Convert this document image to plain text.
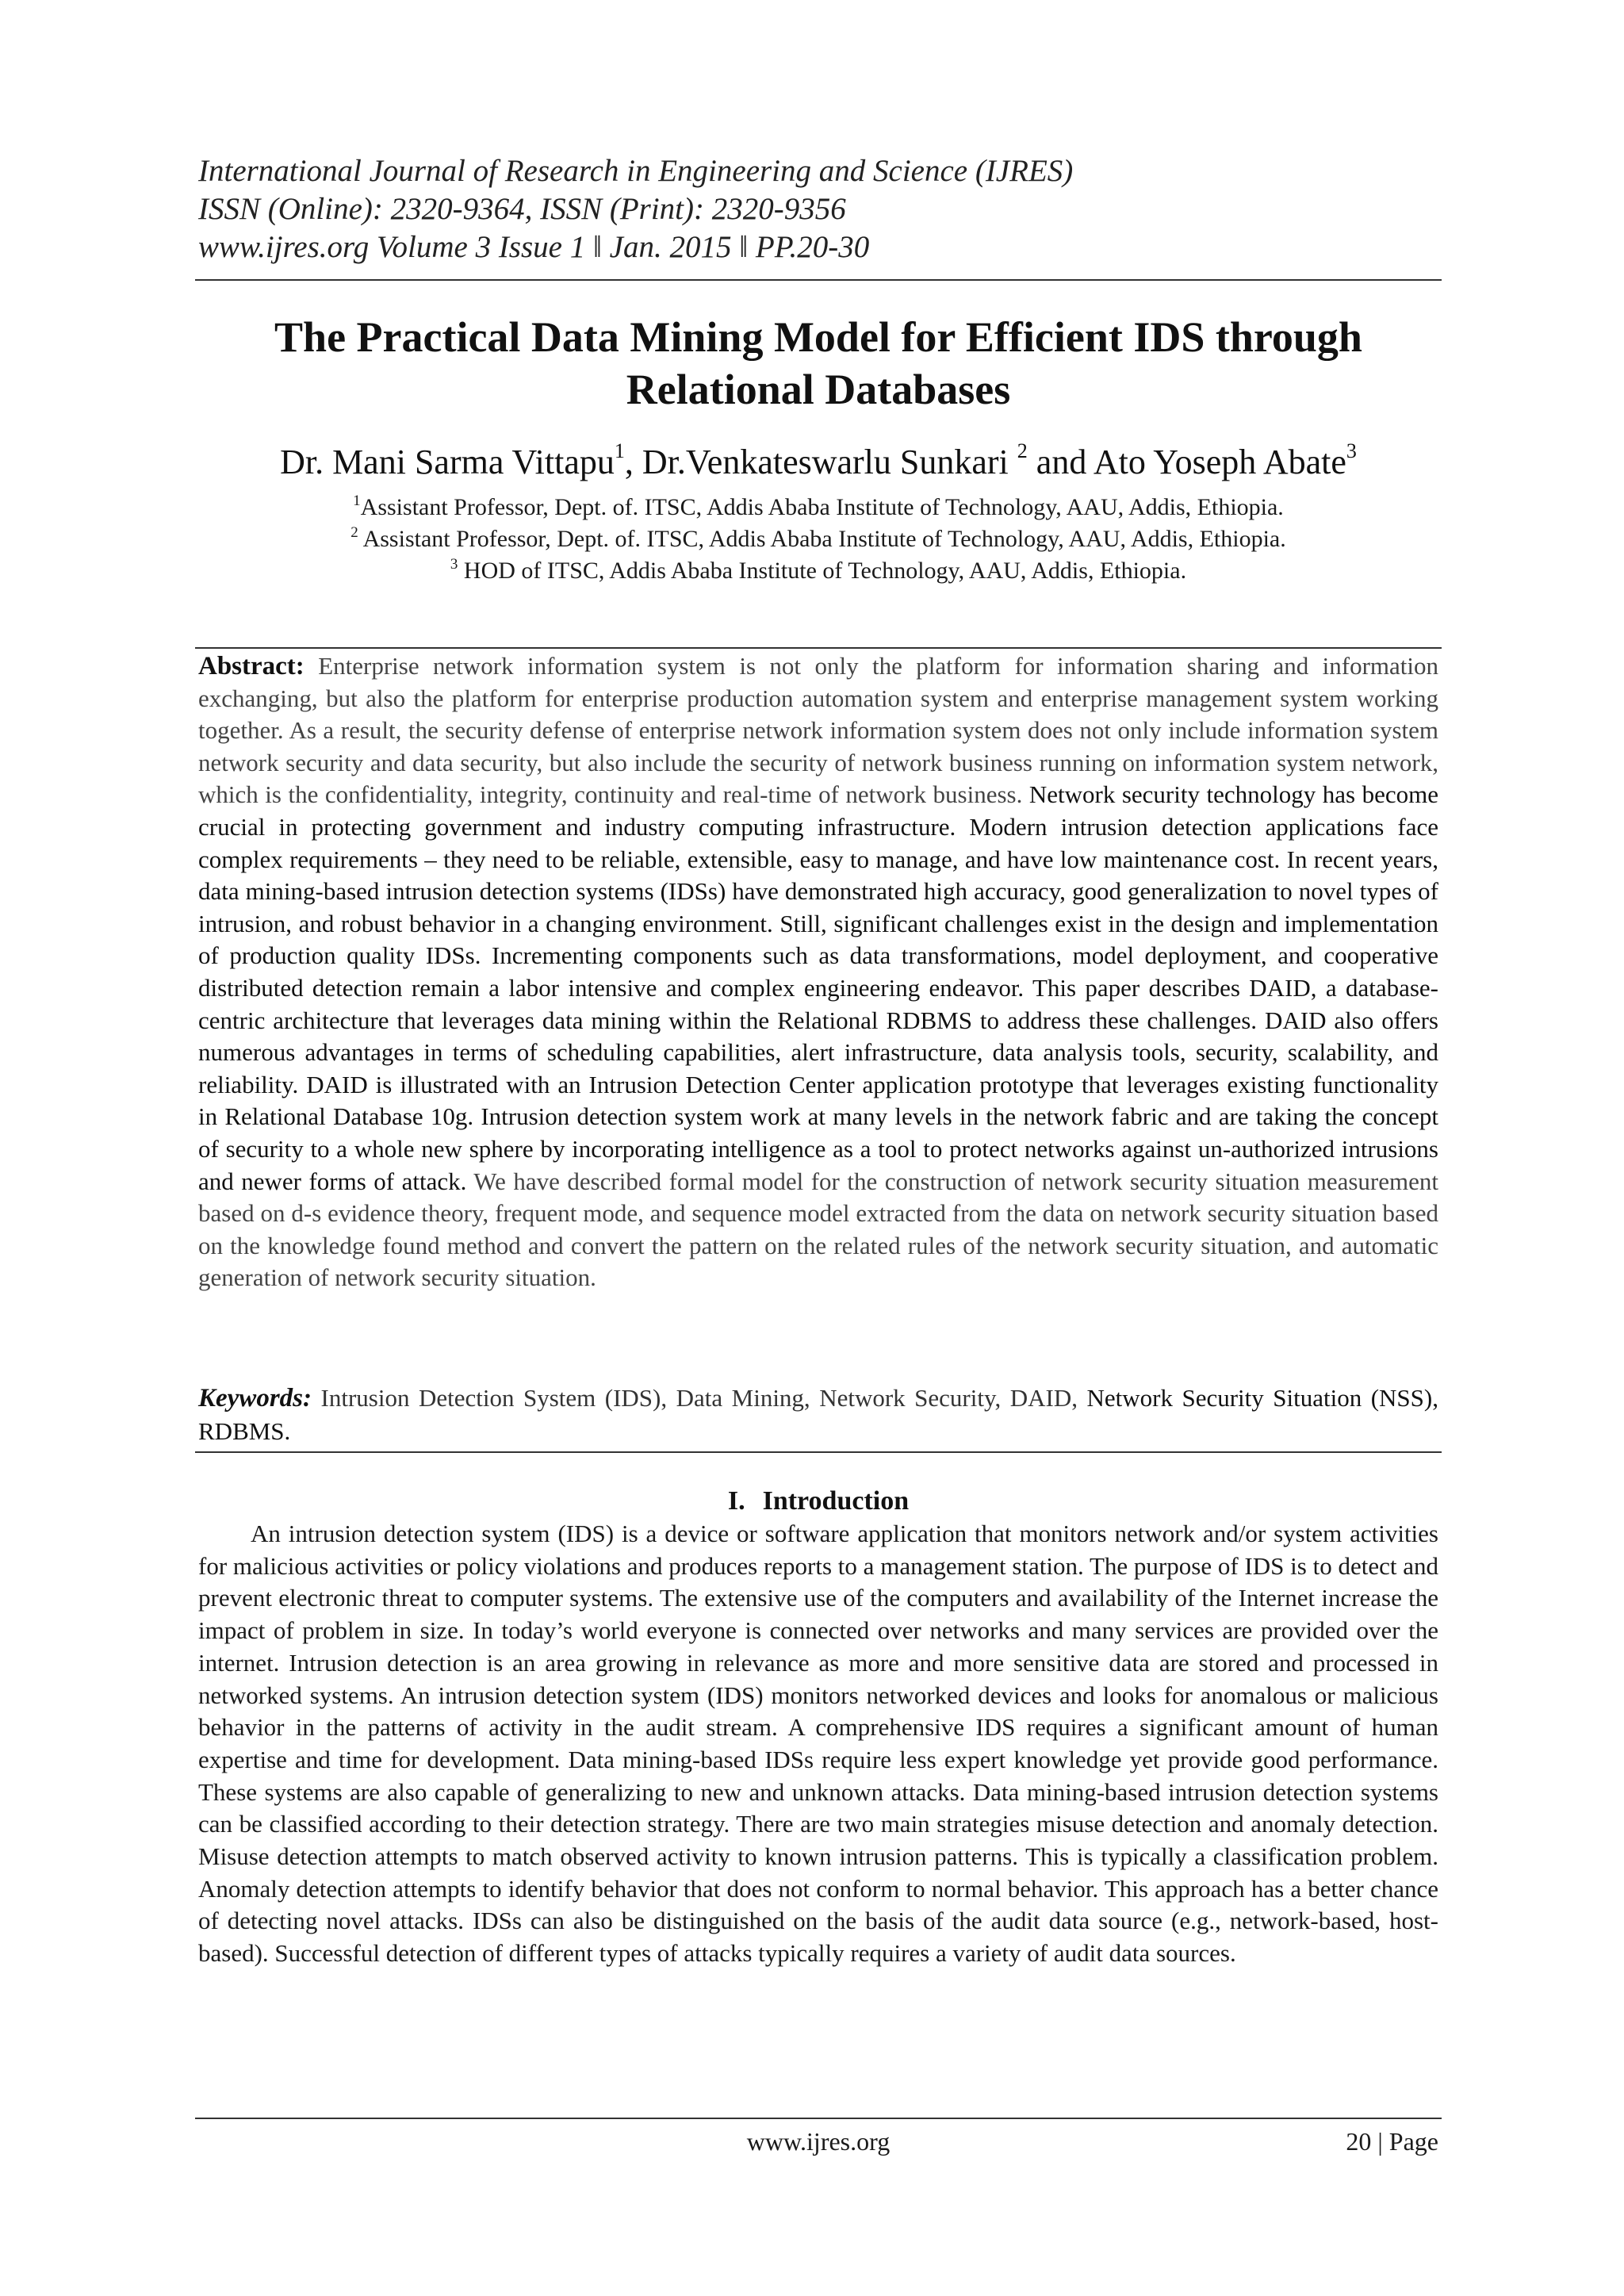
International Journal of Research in Engineering and Science (IJRES)
ISSN (Online): 2320-9364, ISSN (Print): 2320-9356
www.ijres.org Volume 3 Issue 1 ǁ Jan. 2015 ǁ PP.20-30
The Practical Data Mining Model for Efficient IDS through
Relational Databases
Dr. Mani Sarma Vittapu$^1$, Dr.Venkateswarlu Sunkari $^2$ and Ato Yoseph Abate$^3$
$^1$Assistant Professor, Dept. of. ITSC, Addis Ababa Institute of Technology, AAU, Addis, Ethiopia.
$^2$ Assistant Professor, Dept. of. ITSC, Addis Ababa Institute of Technology, AAU, Addis, Ethiopia.
$^3$ HOD of ITSC, Addis Ababa Institute of Technology, AAU, Addis, Ethiopia.
Abstract: Enterprise network information system is not only the platform for information sharing and information exchanging, but also the platform for enterprise production automation system and enterprise management system working together. As a result, the security defense of enterprise network information system does not only include information system network security and data security, but also include the security of network business running on information system network, which is the confidentiality, integrity, continuity and real-time of network business. Network security technology has become crucial in protecting government and industry computing infrastructure. Modern intrusion detection applications face complex requirements – they need to be reliable, extensible, easy to manage, and have low maintenance cost. In recent years, data mining-based intrusion detection systems (IDSs) have demonstrated high accuracy, good generalization to novel types of intrusion, and robust behavior in a changing environment. Still, significant challenges exist in the design and implementation of production quality IDSs. Incrementing components such as data transformations, model deployment, and cooperative distributed detection remain a labor intensive and complex engineering endeavor. This paper describes DAID, a database-centric architecture that leverages data mining within the Relational RDBMS to address these challenges. DAID also offers numerous advantages in terms of scheduling capabilities, alert infrastructure, data analysis tools, security, scalability, and reliability. DAID is illustrated with an Intrusion Detection Center application prototype that leverages existing functionality in Relational Database 10g. Intrusion detection system work at many levels in the network fabric and are taking the concept of security to a whole new sphere by incorporating intelligence as a tool to protect networks against un-authorized intrusions and newer forms of attack. We have described formal model for the construction of network security situation measurement based on d-s evidence theory, frequent mode, and sequence model extracted from the data on network security situation based on the knowledge found method and convert the pattern on the related rules of the network security situation, and automatic generation of network security situation.
Keywords: Intrusion Detection System (IDS), Data Mining, Network Security, DAID, Network Security Situation (NSS), RDBMS.
I. Introduction
An intrusion detection system (IDS) is a device or software application that monitors network and/or system activities for malicious activities or policy violations and produces reports to a management station. The purpose of IDS is to detect and prevent electronic threat to computer systems. The extensive use of the computers and availability of the Internet increase the impact of problem in size. In today’s world everyone is connected over networks and many services are provided over the internet. Intrusion detection is an area growing in relevance as more and more sensitive data are stored and processed in networked systems. An intrusion detection system (IDS) monitors networked devices and looks for anomalous or malicious behavior in the patterns of activity in the audit stream. A comprehensive IDS requires a significant amount of human expertise and time for development. Data mining-based IDSs require less expert knowledge yet provide good performance. These systems are also capable of generalizing to new and unknown attacks. Data mining-based intrusion detection systems can be classified according to their detection strategy. There are two main strategies misuse detection and anomaly detection. Misuse detection attempts to match observed activity to known intrusion patterns. This is typically a classification problem. Anomaly detection attempts to identify behavior that does not conform to normal behavior. This approach has a better chance of detecting novel attacks. IDSs can also be distinguished on the basis of the audit data source (e.g., network-based, host-based). Successful detection of different types of attacks typically requires a variety of audit data sources.
www.ijres.org	20 | Page
